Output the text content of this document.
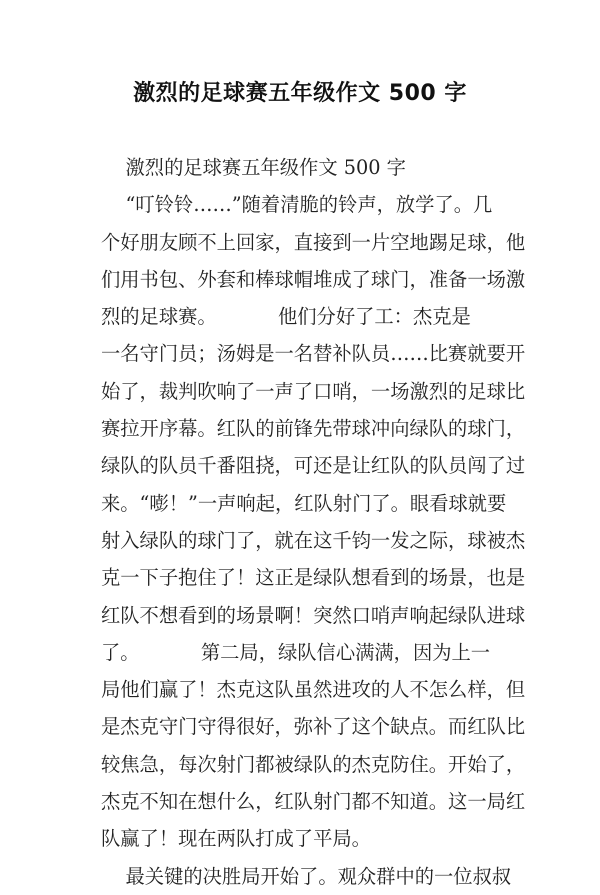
激烈的足球赛五年级作文 500 字
激烈的足球赛五年级作文 500 字
“叮铃铃……”随着清脆的铃声，放学了。几
个好朋友顾不上回家，直接到一片空地踢足球，他
们用书包、外套和棒球帽堆成了球门，准备一场激
烈的足球赛。          他们分好了工：杰克是
一名守门员；汤姆是一名替补队员……比赛就要开
始了，裁判吹响了一声了口哨，一场激烈的足球比
赛拉开序幕。红队的前锋先带球冲向绿队的球门，
绿队的队员千番阻挠，可还是让红队的队员闯了过
来。“嘭！”一声响起，红队射门了。眼看球就要
射入绿队的球门了，就在这千钧一发之际，球被杰
克一下子抱住了！这正是绿队想看到的场景，也是
红队不想看到的场景啊！突然口哨声响起绿队进球
了。          第二局，绿队信心满满，因为上一
局他们赢了！杰克这队虽然进攻的人不怎么样，但
是杰克守门守得很好，弥补了这个缺点。而红队比
较焦急，每次射门都被绿队的杰克防住。开始了，
杰克不知在想什么，红队射门都不知道。这一局红
队赢了！现在两队打成了平局。
最关键的决胜局开始了。观众群中的一位叔叔
